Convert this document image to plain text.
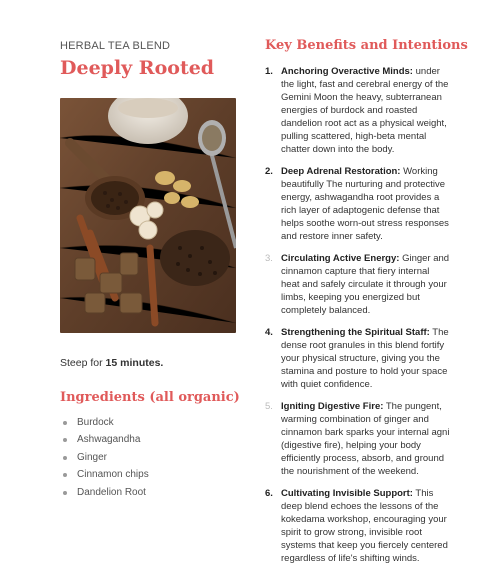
HERBAL TEA BLEND

Deeply Rooted
Steep for 15 minutes.
Ingredients (all organic)
Burdock
Ashwagandha
Ginger
Cinnamon chips
Dandelion Root
Key Benefits and Intentions
1. Anchoring Overactive Minds: under the light, fast and cerebral energy of the Gemini Moon the heavy, subterranean energies of burdock and roasted dandelion root act as a physical weight, pulling scattered, high-beta mental chatter down into the body.
2. Deep Adrenal Restoration: Working beautifully The nurturing and protective energy, ashwagandha root provides a rich layer of adaptogenic defense that helps soothe worn-out stress responses and restore inner safety.
3. Circulating Active Energy: Ginger and cinnamon capture that fiery internal heat and safely circulate it through your limbs, keeping you energized but completely balanced.
4. Strengthening the Spiritual Staff: The dense root granules in this blend fortify your physical structure, giving you the stamina and posture to hold your space with quiet confidence.
5. Igniting Digestive Fire: The pungent, warming combination of ginger and cinnamon bark sparks your internal agni (digestive fire), helping your body efficiently process, absorb, and ground the nourishment of the weekend.
6. Cultivating Invisible Support: This deep blend echoes the lessons of the kokedama workshop, encouraging your spirit to grow strong, invisible root systems that keep you fiercely centered regardless of life's shifting winds.
